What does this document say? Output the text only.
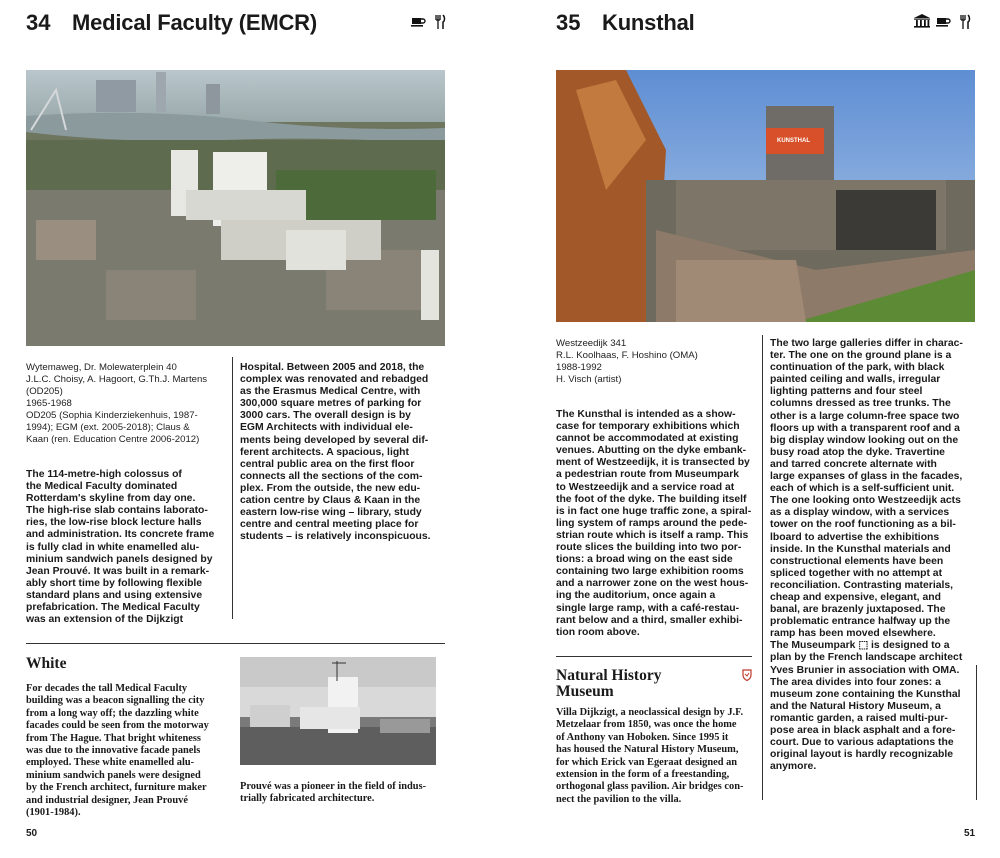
34 Medical Faculty (EMCR)

Wytemaweg, Dr. Molewaterplein 40

J.L.C. Choisy, A. Hagoort, G.Th.J. Martens

(OD205)

1965-1968

OD205 (Sophia Kinderziekenhuis, 1987-

1994); EGM (ext. 2005-2018); Claus &

Kaan (ren. Education Centre 2006-2012)

The 114-metre-high colossus of

the Medical Faculty dominated

Rotterdam's skyline from day one.

The high-rise slab contains laborato-

ries, the low-rise block lecture halls

and administration. Its concrete frame

is fully clad in white enamelled alu-

minium sandwich panels designed by

Jean Prouvé. It was built in a remark-

ably short time by following flexible

standard plans and using extensive

prefabrication. The Medical Faculty

was an extension of the Dijkzigt

Hospital. Between 2005 and 2018, the

complex was renovated and rebadged

as the Erasmus Medical Centre, with

300,000 square metres of parking for

3000 cars. The overall design is by

EGM Architects with individual ele-

ments being developed by several dif-

ferent architects. A spacious, light

central public area on the first floor

connects all the sections of the com-

plex. From the outside, the new edu-

cation centre by Claus & Kaan in the

eastern low-rise wing – library, study

centre and central meeting place for

students – is relatively inconspicuous.

White

For decades the tall Medical Faculty

building was a beacon signalling the city

from a long way off; the dazzling white

facades could be seen from the motorway

from The Hague. That bright whiteness

was due to the innovative facade panels

employed. These white enamelled alu-

minium sandwich panels were designed

by the French architect, furniture maker

and industrial designer, Jean Prouvé

(1901-1984).

Prouvé was a pioneer in the field of indus-

trially fabricated architecture.

50
35 Kunsthal
KUNSTHAL

Westzeedijk 341

R.L. Koolhaas, F. Hoshino (OMA)

1988-1992

H. Visch (artist)

The Kunsthal is intended as a show-

case for temporary exhibitions which

cannot be accommodated at existing

venues. Abutting on the dyke embank-

ment of Westzeedijk, it is transected by

a pedestrian route from Museumpark

to Westzeedijk and a service road at

the foot of the dyke. The building itself

is in fact one huge traffic zone, a spiral-

ling system of ramps around the pede-

strian route which is itself a ramp. This

route slices the building into two por-

tions: a broad wing on the east side

containing two large exhibition rooms

and a narrower zone on the west hous-

ing the auditorium, once again a

single large ramp, with a café-restau-

rant below and a third, smaller exhibi-

tion room above.

The two large galleries differ in charac-

ter. The one on the ground plane is a

continuation of the park, with black

painted ceiling and walls, irregular

lighting patterns and four steel

columns dressed as tree trunks. The

other is a large column-free space two

floors up with a transparent roof and a

big display window looking out on the

busy road atop the dyke. Travertine

and tarred concrete alternate with

large expanses of glass in the facades,

each of which is a self-sufficient unit.

The one looking onto Westzeedijk acts

as a display window, with a services

tower on the roof functioning as a bil-

lboard to advertise the exhibitions

inside. In the Kunsthal materials and

constructional elements have been

spliced together with no attempt at

reconciliation. Contrasting materials,

cheap and expensive, elegant, and

banal, are brazenly juxtaposed. The

problematic entrance halfway up the

ramp has been moved elsewhere.

The Museumpark ⬚ is designed to a

plan by the French landscape architect

Yves Brunier in association with OMA.

The area divides into four zones: a

museum zone containing the Kunsthal

and the Natural History Museum, a

romantic garden, a raised multi-pur-

pose area in black asphalt and a fore-

court. Due to various adaptations the

original layout is hardly recognizable

anymore.

Natural History

Museum

Villa Dijkzigt, a neoclassical design by J.F.

Metzelaar from 1850, was once the home

of Anthony van Hoboken. Since 1995 it

has housed the Natural History Museum,

for which Erick van Egeraat designed an

extension in the form of a freestanding,

orthogonal glass pavilion. Air bridges con-

nect the pavilion to the villa.

51
